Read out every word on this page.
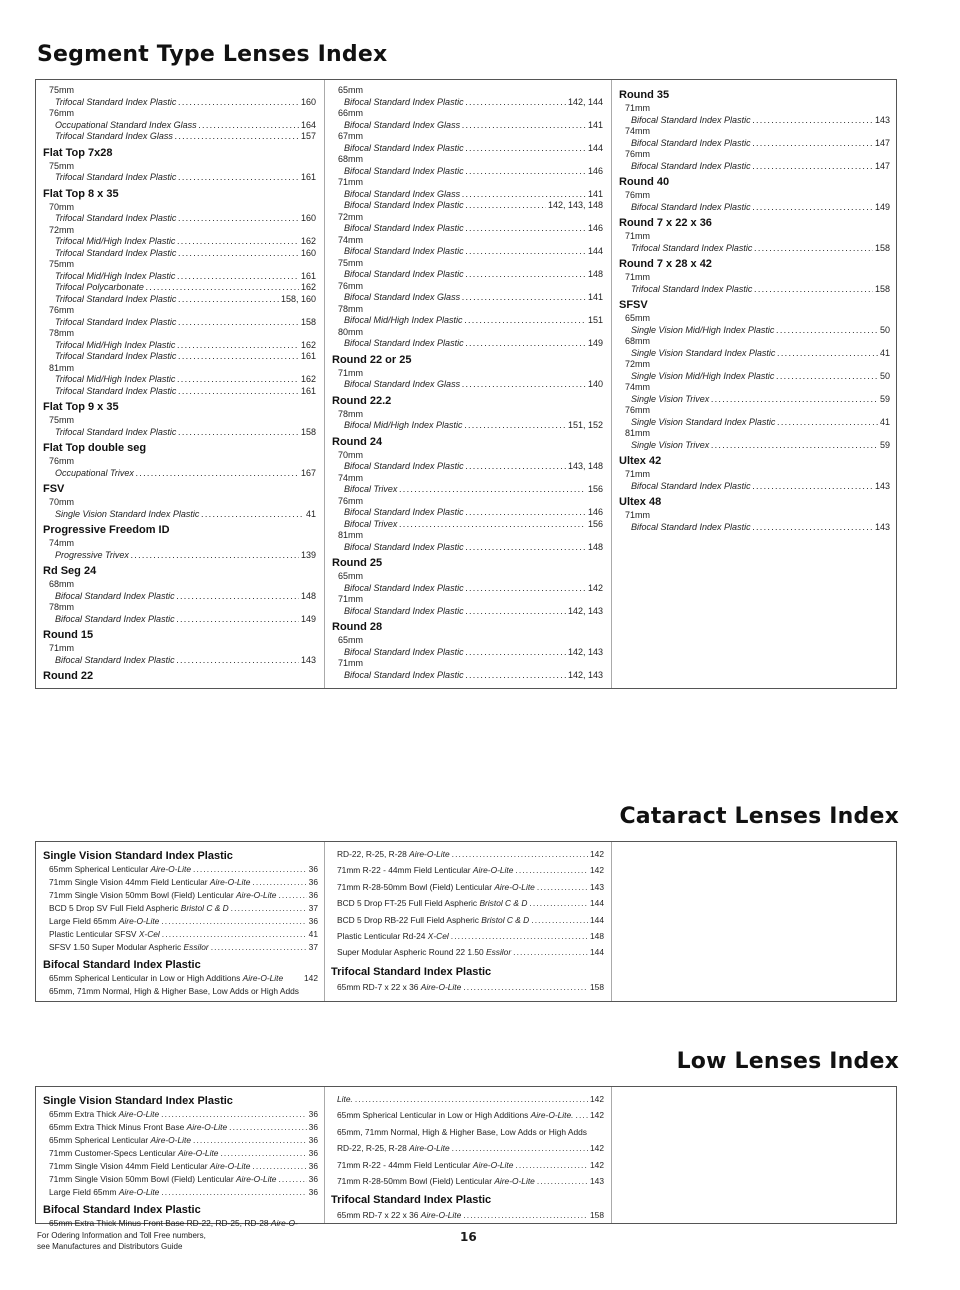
Segment Type Lenses Index
75mm
Trifocal Standard Index Plastic . . .	160
76mm
Occupational Standard Index Glass . . .	164
Trifocal Standard Index Glass . . .	157
Flat Top 7x28
75mm
Trifocal Standard Index Plastic . . .	161
Flat Top 8 x 35
70mm
Trifocal Standard Index Plastic . . .	160
72mm
Trifocal Mid/High Index Plastic . . .	162
Trifocal Standard Index Plastic . . .	160
75mm
Trifocal Mid/High Index Plastic . . .	161
Trifocal Polycarbonate . . .	162
Trifocal Standard Index Plastic . . .	158, 160
76mm
Trifocal Standard Index Plastic . . .	158
78mm
Trifocal Mid/High Index Plastic . . .	162
Trifocal Standard Index Plastic . . .	161
81mm
Trifocal Mid/High Index Plastic . . .	162
Trifocal Standard Index Plastic . . .	161
Flat Top 9 x 35
75mm
Trifocal Standard Index Plastic . . .	158
Flat Top double seg
76mm
Occupational Trivex . . .	167
FSV
70mm
Single Vision Standard Index Plastic . . .	41
Progressive Freedom ID
74mm
Progressive Trivex . . .	139
Rd Seg 24
68mm
Bifocal Standard Index Plastic . . .	148
78mm
Bifocal Standard Index Plastic . . .	149
Round 15
71mm
Bifocal Standard Index Plastic . . .	143
Round 22
65mm
Bifocal Standard Index Plastic . . .	142, 144
66mm
Bifocal Standard Index Glass . . .	141
67mm
Bifocal Standard Index Plastic . . .	144
68mm
Bifocal Standard Index Plastic . . .	146
71mm
Bifocal Standard Index Glass . . .	141
Bifocal Standard Index Plastic . . .	142, 143, 148
72mm
Bifocal Standard Index Plastic . . .	146
74mm
Bifocal Standard Index Plastic . . .	144
75mm
Bifocal Standard Index Plastic . . .	148
76mm
Bifocal Standard Index Glass . . .	141
78mm
Bifocal Mid/High Index Plastic . . .	151
80mm
Bifocal Standard Index Plastic . . .	149
Round 22 or 25
71mm
Bifocal Standard Index Glass . . .	140
Round 22.2
78mm
Bifocal Mid/High Index Plastic . . .	151, 152
Round 24
70mm
Bifocal Standard Index Plastic . . .	143, 148
74mm
Bifocal Trivex . . .	156
76mm
Bifocal Standard Index Plastic . . .	146
Bifocal Trivex . . .	156
81mm
Bifocal Standard Index Plastic . . .	148
Round 25
65mm
Bifocal Standard Index Plastic . . .	142
71mm
Bifocal Standard Index Plastic . . .	142, 143
Round 28
65mm
Bifocal Standard Index Plastic . . .	142, 143
71mm
Bifocal Standard Index Plastic . . .	142, 143
Round 35
71mm
Bifocal Standard Index Plastic . . .	143
74mm
Bifocal Standard Index Plastic . . .	147
76mm
Bifocal Standard Index Plastic . . .	147
Round 40
76mm
Bifocal Standard Index Plastic . . .	149
Round 7 x 22 x 36
71mm
Trifocal Standard Index Plastic . . .	158
Round 7 x 28 x 42
71mm
Trifocal Standard Index Plastic . . .	158
SFSV
65mm
Single Vision Mid/High Index Plastic . . .	50
68mm
Single Vision Standard Index Plastic . . .	41
72mm
Single Vision Mid/High Index Plastic . . .	50
74mm
Single Vision Trivex . . .	59
76mm
Single Vision Standard Index Plastic . . .	41
81mm
Single Vision Trivex . . .	59
Ultex 42
71mm
Bifocal Standard Index Plastic . . .	143
Ultex 48
71mm
Bifocal Standard Index Plastic . . .	143
Cataract Lenses Index
Single Vision Standard Index Plastic
65mm Spherical Lenticular Aire-O-Lite . . .	36
71mm Single Vision 44mm Field Lenticular Aire-O-Lite . . .	36
71mm Single Vision 50mm Bowl (Field) Lenticular Aire-O-Lite . . .	36
BCD 5 Drop SV Full Field Aspheric Bristol C & D . . .	37
Large Field 65mm Aire-O-Lite . . .	36
Plastic Lenticular SFSV X-Cel . . .	41
SFSV 1.50 Super Modular Aspheric Essilor . . .	37
Bifocal Standard Index Plastic
65mm Spherical Lenticular in Low or High Additions Aire-O-Lite 142
65mm, 71mm Normal, High & Higher Base, Low Adds or High Adds
RD-22, R-25, R-28 Aire-O-Lite . . .	142
71mm R-22 - 44mm Field Lenticular Aire-O-Lite . . .	142
71mm R-28-50mm Bowl (Field) Lenticular Aire-O-Lite . . .	143
BCD 5 Drop FT-25 Full Field Aspheric Bristol C & D . . .	144
BCD 5 Drop RB-22 Full Field Aspheric Bristol C & D . . .	144
Plastic Lenticular Rd-24 X-Cel . . .	148
Super Modular Aspheric Round 22 1.50 Essilor . . .	144
Trifocal Standard Index Plastic
65mm RD-7 x 22 x 36 Aire-O-Lite . . .	158
Low Lenses Index
Single Vision Standard Index Plastic
65mm Extra Thick Aire-O-Lite . . .	36
65mm Extra Thick Minus Front Base Aire-O-Lite . . .	36
65mm Spherical Lenticular Aire-O-Lite . . .	36
71mm Customer-Specs Lenticular Aire-O-Lite . . .	36
71mm Single Vision 44mm Field Lenticular Aire-O-Lite . . .	36
71mm Single Vision 50mm Bowl (Field) Lenticular Aire-O-Lite . . .	36
Large Field 65mm Aire-O-Lite . . .	36
Bifocal Standard Index Plastic
65mm Extra Thick Minus Front Base RD-22, RD-25, RD-28 Aire-O-
Lite. . . .	142
65mm Spherical Lenticular in Low or High Additions Aire-O-Lite. . . . 142
65mm, 71mm Normal, High & Higher Base, Low Adds or High Adds
RD-22, R-25, R-28 Aire-O-Lite . . .	142
71mm R-22 - 44mm Field Lenticular Aire-O-Lite . . .	142
71mm R-28-50mm Bowl (Field) Lenticular Aire-O-Lite . . .	143
Trifocal Standard Index Plastic
65mm RD-7 x 22 x 36 Aire-O-Lite . . .	158
For Odering Information and Toll Free numbers,
see Manufactures and Distributors Guide
16
